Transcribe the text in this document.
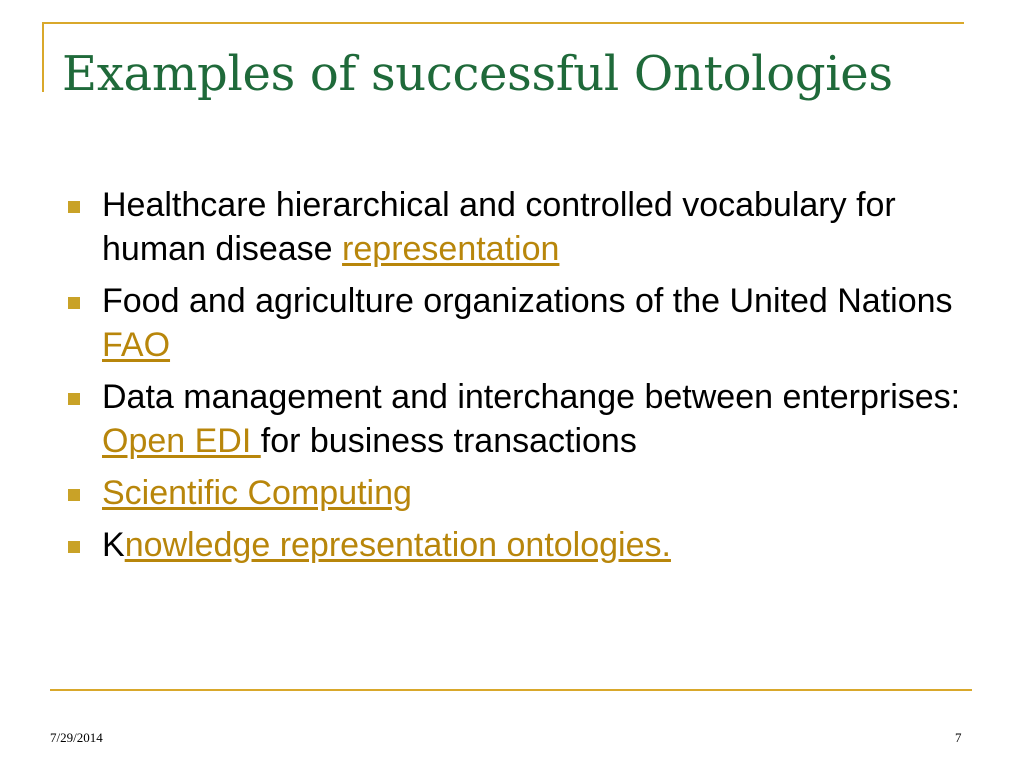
Examples of successful Ontologies
Healthcare hierarchical and controlled vocabulary for human disease representation
Food and agriculture organizations of the United Nations FAO
Data management and interchange between enterprises: Open EDI for business transactions
Scientific Computing
Knowledge representation ontologies.
7/29/2014	7
